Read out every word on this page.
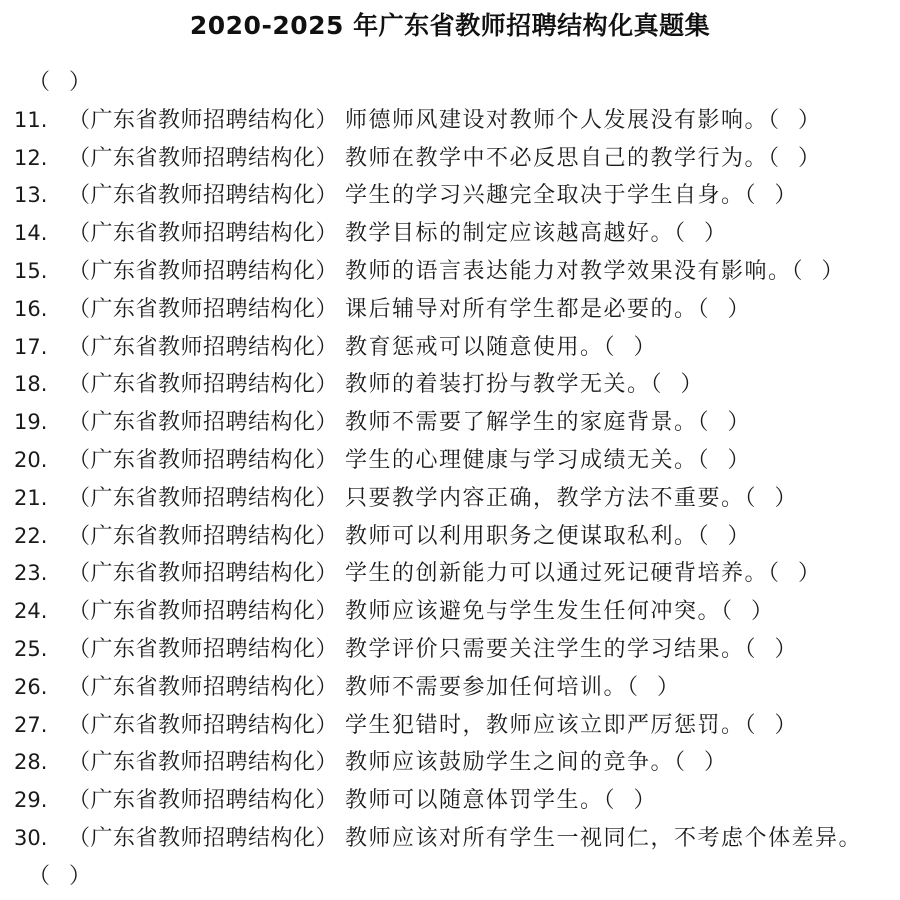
2020-2025 年广东省教师招聘结构化真题集
（ ）
11. （广东省教师招聘结构化） 师德师风建设对教师个人发展没有影响。（ ）
12. （广东省教师招聘结构化） 教师在教学中不必反思自己的教学行为。（ ）
13. （广东省教师招聘结构化） 学生的学习兴趣完全取决于学生自身。（ ）
14. （广东省教师招聘结构化） 教学目标的制定应该越高越好。（ ）
15. （广东省教师招聘结构化） 教师的语言表达能力对教学效果没有影响。（ ）
16. （广东省教师招聘结构化） 课后辅导对所有学生都是必要的。（ ）
17. （广东省教师招聘结构化） 教育惩戒可以随意使用。（ ）
18. （广东省教师招聘结构化） 教师的着装打扮与教学无关。（ ）
19. （广东省教师招聘结构化） 教师不需要了解学生的家庭背景。（ ）
20. （广东省教师招聘结构化） 学生的心理健康与学习成绩无关。（ ）
21. （广东省教师招聘结构化） 只要教学内容正确，教学方法不重要。（ ）
22. （广东省教师招聘结构化） 教师可以利用职务之便谋取私利。（ ）
23. （广东省教师招聘结构化） 学生的创新能力可以通过死记硬背培养。（ ）
24. （广东省教师招聘结构化） 教师应该避免与学生发生任何冲突。（ ）
25. （广东省教师招聘结构化） 教学评价只需要关注学生的学习结果。（ ）
26. （广东省教师招聘结构化） 教师不需要参加任何培训。（ ）
27. （广东省教师招聘结构化） 学生犯错时，教师应该立即严厉惩罚。（ ）
28. （广东省教师招聘结构化） 教师应该鼓励学生之间的竞争。（ ）
29. （广东省教师招聘结构化） 教师可以随意体罚学生。（ ）
30. （广东省教师招聘结构化） 教师应该对所有学生一视同仁，不考虑个体差异。
（ ）
